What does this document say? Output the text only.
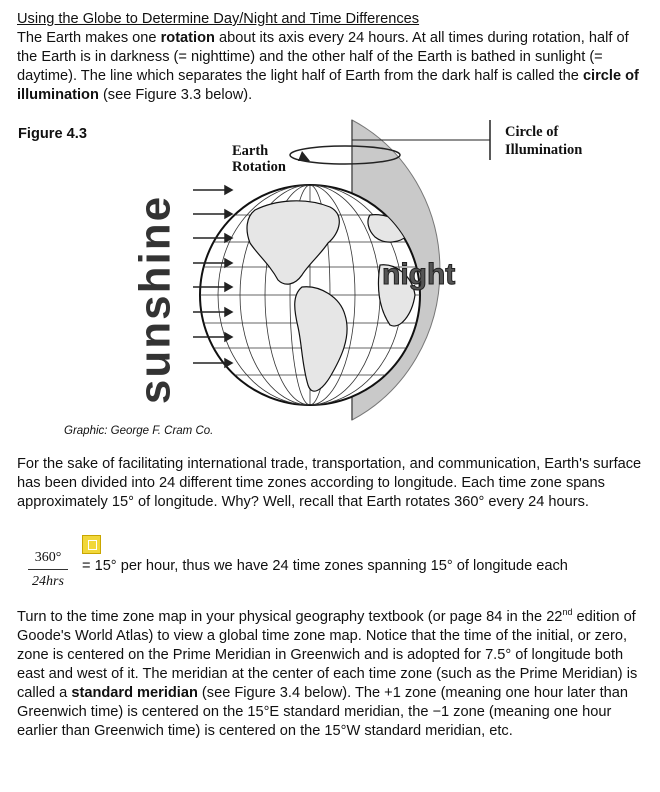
Using the Globe to Determine Day/Night and Time Differences

The Earth makes one rotation about its axis every 24 hours. At all times during rotation, half of the Earth is in darkness (= nighttime) and the other half of the Earth is bathed in sunlight (= daytime). The line which separates the light half of Earth from the dark half is called the circle of illumination (see Figure 3.3 below).

Figure 4.3
Earth
Rotation
Circle of
Illumination
sunshine	night
Graphic: George F. Cram Co.

For the sake of facilitating international trade, transportation, and communication, Earth's surface has been divided into 24 different time zones according to longitude. Each time zone spans approximately 15° of longitude. Why? Well, recall that Earth rotates 360° every 24 hours.

360°
24hrs
= 15° per hour, thus we have 24 time zones spanning 15° of longitude each

Turn to the time zone map in your physical geography textbook (or page 84 in the 22nd edition of Goode's World Atlas) to view a global time zone map. Notice that the time of the initial, or zero, zone is centered on the Prime Meridian in Greenwich and is adopted for 7.5° of longitude both east and west of it. The meridian at the center of each time zone (such as the Prime Meridian) is called a standard meridian (see Figure 3.4 below). The +1 zone (meaning one hour later than Greenwich time) is centered on the 15°E standard meridian, the −1 zone (meaning one hour earlier than Greenwich time) is centered on the 15°W standard meridian, etc.
